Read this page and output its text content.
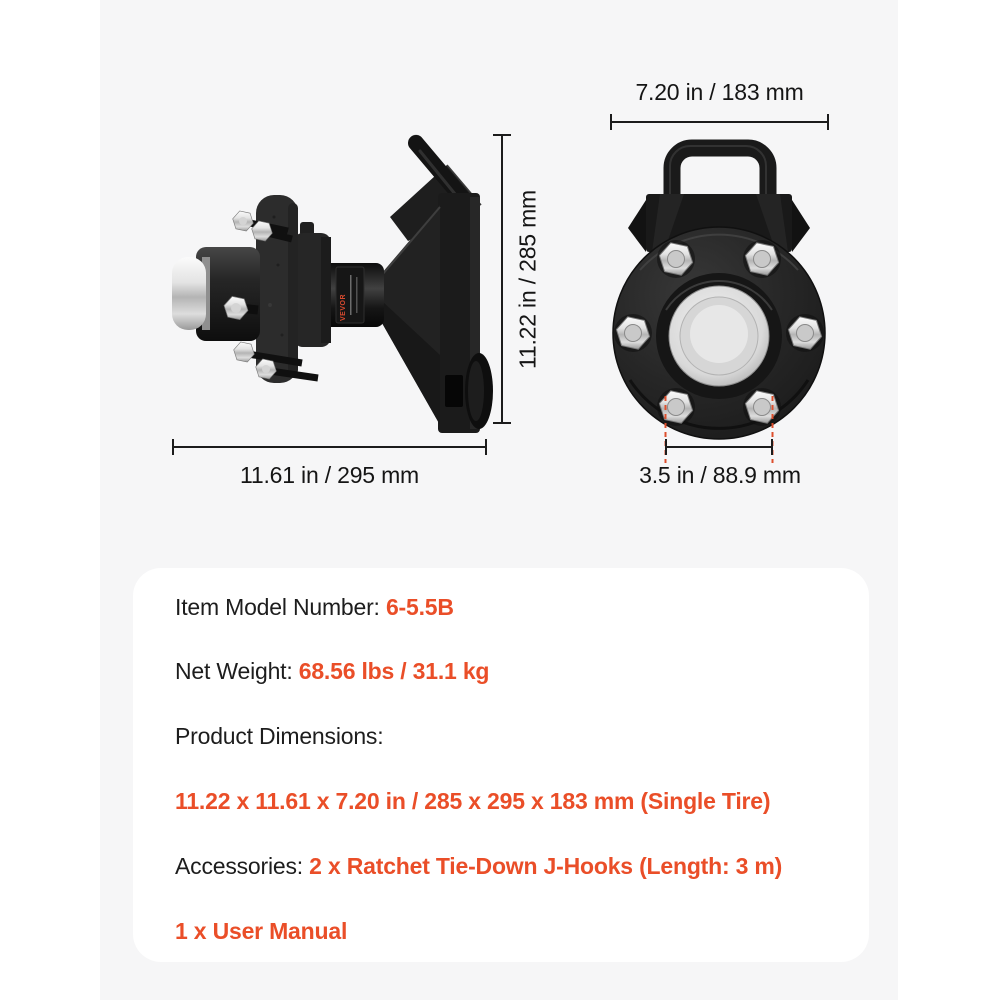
VEVOR
7.20 in / 183 mm
11.22 in / 285 mm
11.61 in / 295 mm	3.5 in / 88.9 mm
Item Model Number: 6-5.5B
Net Weight: 68.56 lbs / 31.1 kg
Product Dimensions:
11.22 x 11.61 x 7.20 in / 285 x 295 x 183 mm (Single Tire)
Accessories: 2 x Ratchet Tie-Down J-Hooks (Length: 3 m)
1 x User Manual
